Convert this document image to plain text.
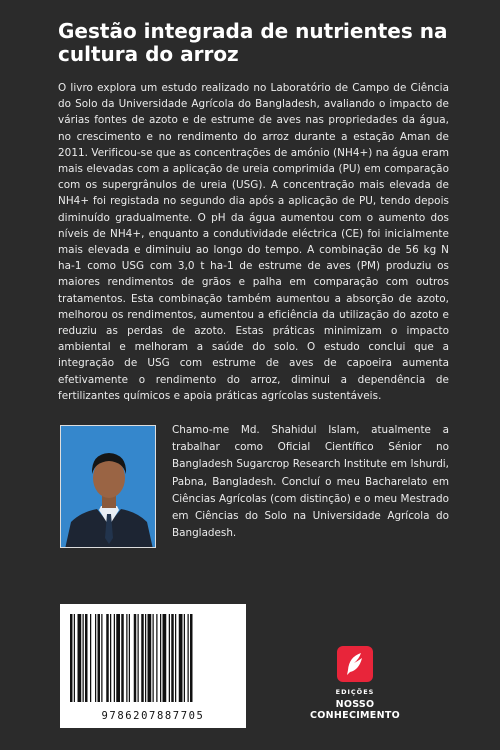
Gestão integrada de nutrientes na cultura do arroz

O livro explora um estudo realizado no Laboratório de Campo de Ciência do Solo da Universidade Agrícola do Bangladesh, avaliando o impacto de várias fontes de azoto e de estrume de aves nas propriedades da água, no crescimento e no rendimento do arroz durante a estação Aman de 2011. Verificou-se que as concentrações de amónio (NH4+) na água eram mais elevadas com a aplicação de ureia comprimida (PU) em comparação com os supergrânulos de ureia (USG). A concentração mais elevada de NH4+ foi registada no segundo dia após a aplicação de PU, tendo depois diminuído gradualmente. O pH da água aumentou com o aumento dos níveis de NH4+, enquanto a condutividade eléctrica (CE) foi inicialmente mais elevada e diminuiu ao longo do tempo. A combinação de 56 kg N ha-1 como USG com 3,0 t ha-1 de estrume de aves (PM) produziu os maiores rendimentos de grãos e palha em comparação com outros tratamentos. Esta combinação também aumentou a absorção de azoto, melhorou os rendimentos, aumentou a eficiência da utilização do azoto e reduziu as perdas de azoto. Estas práticas minimizam o impacto ambiental e melhoram a saúde do solo. O estudo conclui que a integração de USG com estrume de aves de capoeira aumenta efetivamente o rendimento do arroz, diminui a dependência de fertilizantes químicos e apoia práticas agrícolas sustentáveis.

Chamo-me Md. Shahidul Islam, atualmente a trabalhar como Oficial Científico Sénior no Bangladesh Sugarcrop Research Institute em Ishurdi, Pabna, Bangladesh. Concluí o meu Bacharelato em Ciências Agrícolas (com distinção) e o meu Mestrado em Ciências do Solo na Universidade Agrícola do Bangladesh.

9786207887705
EDIÇÕES
NOSSO CONHECIMENTO
